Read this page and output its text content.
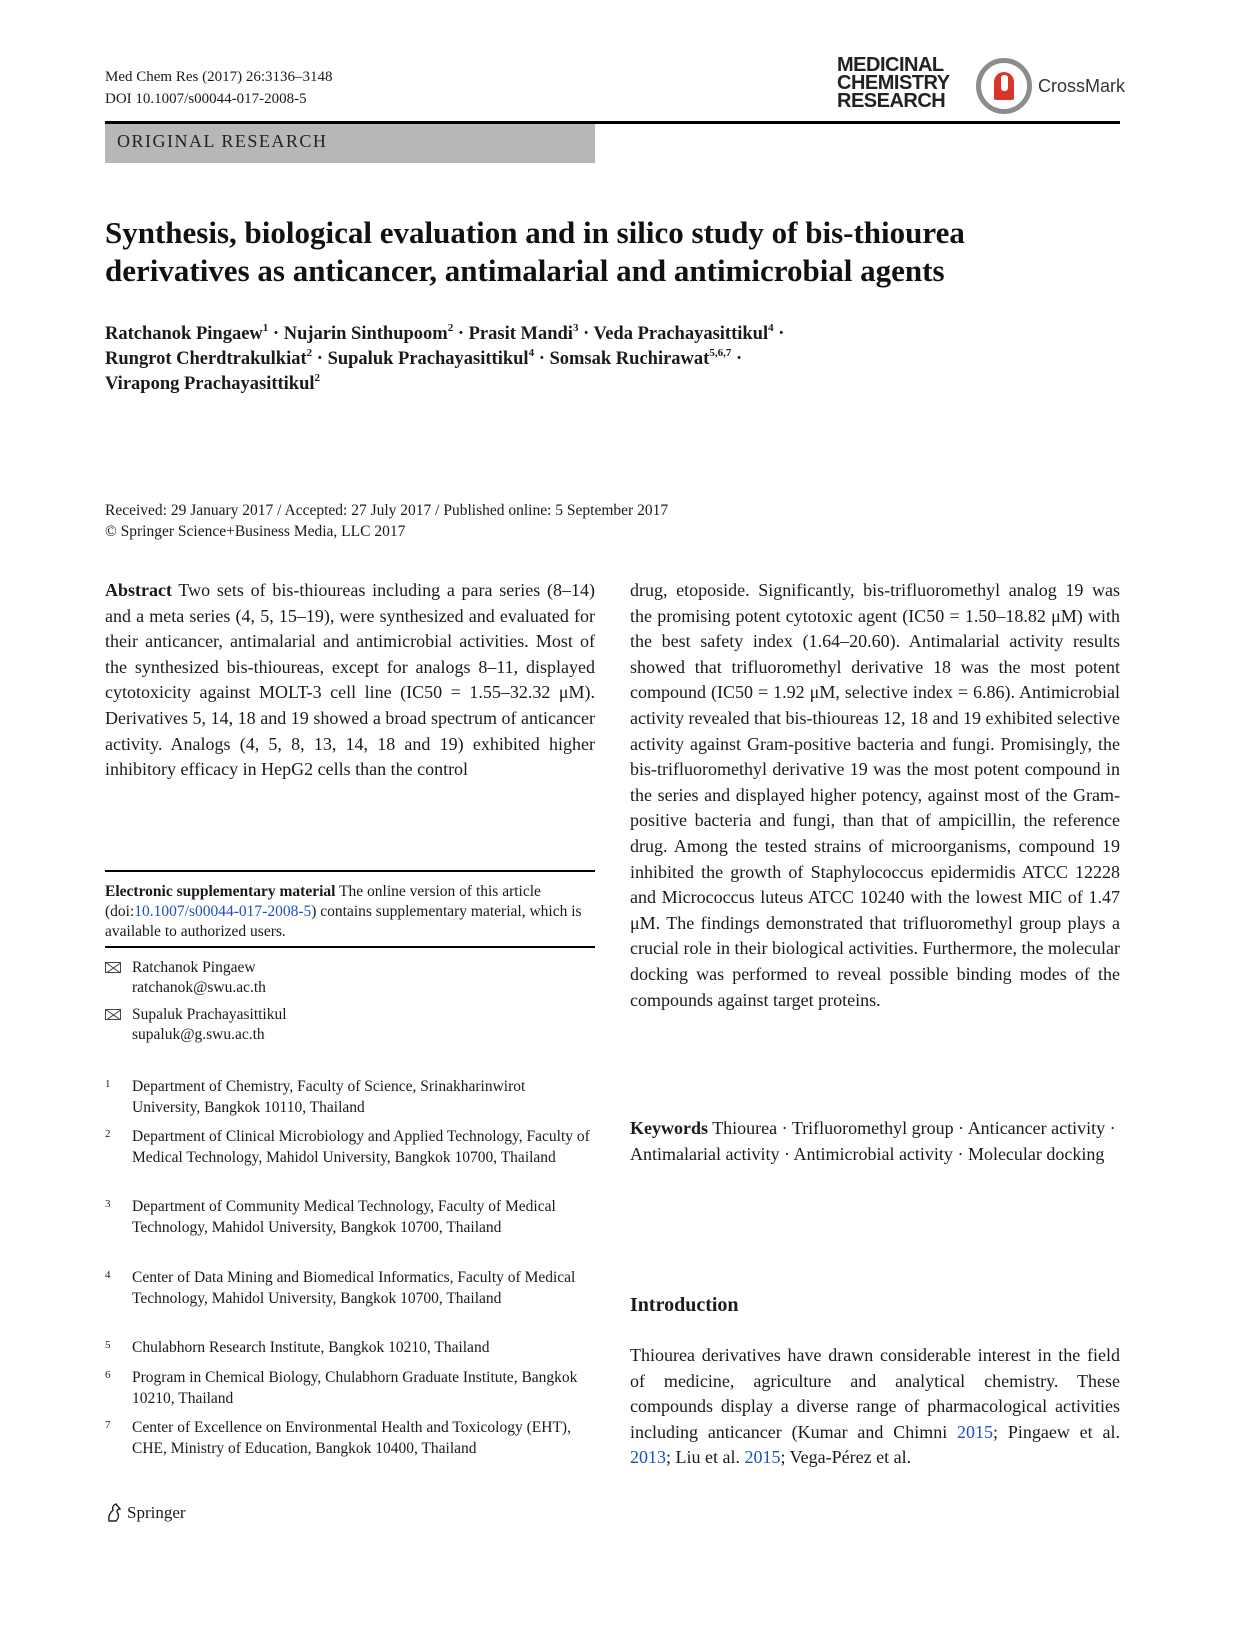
Med Chem Res (2017) 26:3136–3148
DOI 10.1007/s00044-017-2008-5
MEDICINAL
CHEMISTRY
RESEARCH
CrossMark
ORIGINAL RESEARCH
Synthesis, biological evaluation and in silico study of bis-thiourea
derivatives as anticancer, antimalarial and antimicrobial agents
Ratchanok Pingaew$^1$ · Nujarin Sinthupoom$^2$ · Prasit Mandi$^3$ · Veda Prachayasittikul$^4$ ·
Rungrot Cherdtrakulkiat$^2$ · Supaluk Prachayasittikul$^4$ · Somsak Ruchirawat$^{5,6,7}$ ·
Virapong Prachayasittikul$^2$
Received: 29 January 2017 / Accepted: 27 July 2017 / Published online: 5 September 2017
© Springer Science+Business Media, LLC 2017
Abstract Two sets of bis-thioureas including a para series (8–14) and a meta series (4, 5, 15–19), were synthesized and evaluated for their anticancer, antimalarial and antimicrobial activities. Most of the synthesized bis-thioureas, except for analogs 8–11, displayed cytotoxicity against MOLT-3 cell line (IC50 = 1.55–32.32 μM). Derivatives 5, 14, 18 and 19 showed a broad spectrum of anticancer activity. Analogs (4, 5, 8, 13, 14, 18 and 19) exhibited higher inhibitory efficacy in HepG2 cells than the control
drug, etoposide. Significantly, bis-trifluoromethyl analog 19 was the promising potent cytotoxic agent (IC50 = 1.50–18.82 μM) with the best safety index (1.64–20.60). Antimalarial activity results showed that trifluoromethyl derivative 18 was the most potent compound (IC50 = 1.92 μM, selective index = 6.86). Antimicrobial activity revealed that bis-thioureas 12, 18 and 19 exhibited selective activity against Gram-positive bacteria and fungi. Promisingly, the bis-trifluoromethyl derivative 19 was the most potent compound in the series and displayed higher potency, against most of the Gram-positive bacteria and fungi, than that of ampicillin, the reference drug. Among the tested strains of microorganisms, compound 19 inhibited the growth of Staphylococcus epidermidis ATCC 12228 and Micrococcus luteus ATCC 10240 with the lowest MIC of 1.47 μM. The findings demonstrated that trifluoromethyl group plays a crucial role in their biological activities. Furthermore, the molecular docking was performed to reveal possible binding modes of the compounds against target proteins.
Electronic supplementary material The online version of this article (doi:10.1007/s00044-017-2008-5) contains supplementary material, which is available to authorized users.
Ratchanok Pingaew
ratchanok@swu.ac.th
Supaluk Prachayasittikul
supaluk@g.swu.ac.th
1	Department of Chemistry, Faculty of Science, Srinakharinwirot University, Bangkok 10110, Thailand
2	Department of Clinical Microbiology and Applied Technology, Faculty of Medical Technology, Mahidol University, Bangkok 10700, Thailand
3	Department of Community Medical Technology, Faculty of Medical Technology, Mahidol University, Bangkok 10700, Thailand
4	Center of Data Mining and Biomedical Informatics, Faculty of Medical Technology, Mahidol University, Bangkok 10700, Thailand
5	Chulabhorn Research Institute, Bangkok 10210, Thailand
6	Program in Chemical Biology, Chulabhorn Graduate Institute, Bangkok 10210, Thailand
7	Center of Excellence on Environmental Health and Toxicology (EHT), CHE, Ministry of Education, Bangkok 10400, Thailand
Keywords Thiourea · Trifluoromethyl group · Anticancer activity · Antimalarial activity · Antimicrobial activity · Molecular docking
Introduction
Thiourea derivatives have drawn considerable interest in the field of medicine, agriculture and analytical chemistry. These compounds display a diverse range of pharmacological activities including anticancer (Kumar and Chimni 2015; Pingaew et al. 2013; Liu et al. 2015; Vega-Pérez et al.
Springer
